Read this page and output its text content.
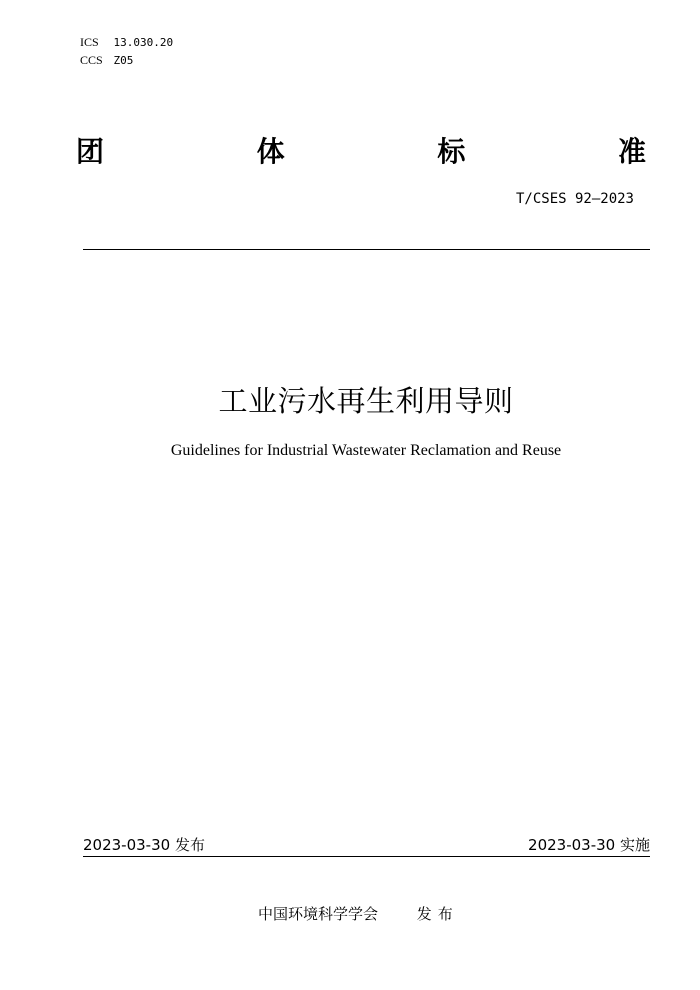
ICS 13.030.20
CCS Z05
团	体	标	准
T/CSES 92—2023
工业污水再生利用导则
Guidelines for Industrial Wastewater Reclamation and Reuse
2023-03-30 发布	2023-03-30 实施
中国环境科学学会	发布
